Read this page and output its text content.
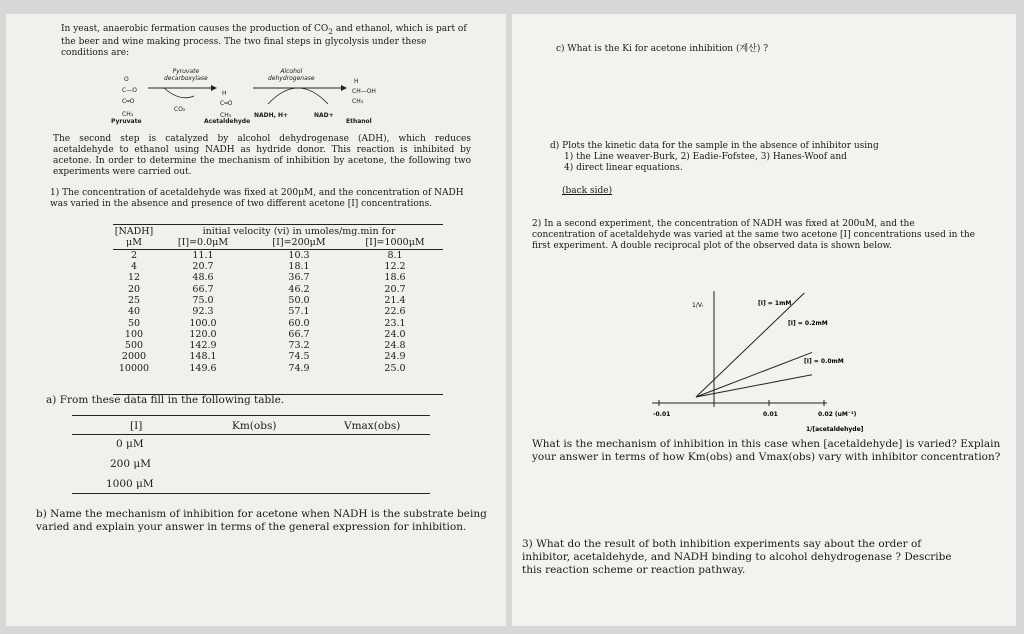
In yeast, anaerobic fermation causes the production of $CO_2$ and ethanol, which is part of the beer and wine making process. The two final steps in glycolysis under these conditions are:

Pyruvate
decarboxylase

Alcohol
dehydrogenase

CO₂

NADH, H+	NAD+

O

C—O

C═O

CH₃

H

C═O

CH₃

H

CH—OH

CH₃

Pyruvate	Acetaldehyde	Ethanol

The second step is catalyzed by alcohol dehydrogenase (ADH), which reduces acetaldehyde to ethanol using NADH as hydride donor. This reaction is inhibited by acetone. In order to determine the mechanism of inhibition by acetone, the following two experiments were carried out.

1) The concentration of acetaldehyde was fixed at 200μM, and the concentration of NADH was varied in the absence and presence of two different acetone [I] concentrations.

[NADH]	initial velocity (vi) in umoles/mg.min for		
μM	[I]=0.0μM	[I]=200μM	[I]=1000μM
2	11.1	10.3	8.1
4	20.7	18.1	12.2
12	48.6	36.7	18.6
20	66.7	46.2	20.7
25	75.0	50.0	21.4
40	92.3	57.1	22.6
50	100.0	60.0	23.1
100	120.0	66.7	24.0
500	142.9	73.2	24.8
2000	148.1	74.5	24.9
10000	149.6	74.9	25.0

a) From these data fill in the following table.

[I]	Km(obs)	Vmax(obs)

0 μM

200 μM

1000 μM

b) Name the mechanism of inhibition for acetone when NADH is the substrate being varied and explain your answer in terms of the general expression for inhibition.

c) What is the Ki for acetone inhibition (계산) ?

d) Plots the kinetic data for the sample in the absence of inhibitor using

1) the Line weaver-Burk, 2) Eadie-Fofstee, 3) Hanes-Woof and

4) direct linear equations.

(back side)

2) In a second experiment, the concentration of NADH was fixed at 200uM, and the concentration of acetaldehyde was varied at the same two acetone [I] concentrations used in the first experiment. A double reciprocal plot of the observed data is shown below.

1/Vᵢ
1/[acetaldehyde]
[I] = 1mM
[I] = 0.2mM
[I] = 0.0mM
-0.01	0.01	0.02 (uM⁻¹)

What is the mechanism of inhibition in this case when [acetaldehyde] is varied? Explain your answer in terms of how Km(obs) and Vmax(obs) vary with inhibitor concentration?

3) What do the result of both inhibition experiments say about the order of inhibitor, acetaldehyde, and NADH binding to alcohol dehydrogenase ? Describe this reaction scheme or reaction pathway.
